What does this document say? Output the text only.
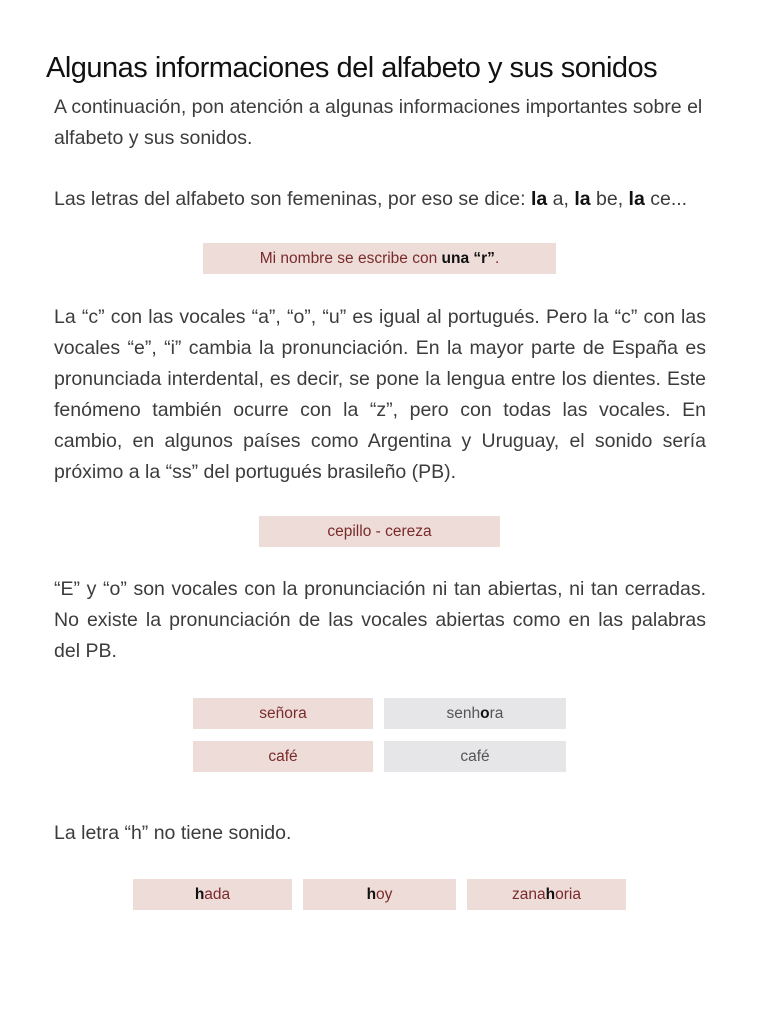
Algunas informaciones del alfabeto y sus sonidos

A continuación, pon atención a algunas informaciones importantes sobre el alfabeto y sus sonidos.

Las letras del alfabeto son femeninas, por eso se dice: la a, la be, la ce...

Mi nombre se escribe con
una “r” .

La “c” con las vocales “a”, “o”, “u” es igual al portugués. Pero la “c” con las vocales “e”, “i” cambia la pronunciación. En la mayor parte de España es pronunciada interdental, es decir, se pone la lengua entre los dientes. Este fenómeno también ocurre con la “z”, pero con todas las vocales. En cambio, en algunos países como Argentina y Uruguay, el sonido sería próximo a la “ss” del portugués brasileño (PB).

cepillo - cereza

“E” y “o” son vocales con la pronunciación ni tan abiertas, ni tan cerradas. No existe la pronunciación de las vocales abiertas como en las palabras del PB.

señora	senh o ra
café	café

La letra “h” no tiene sonido.

h ada	h oy	zana h oria
